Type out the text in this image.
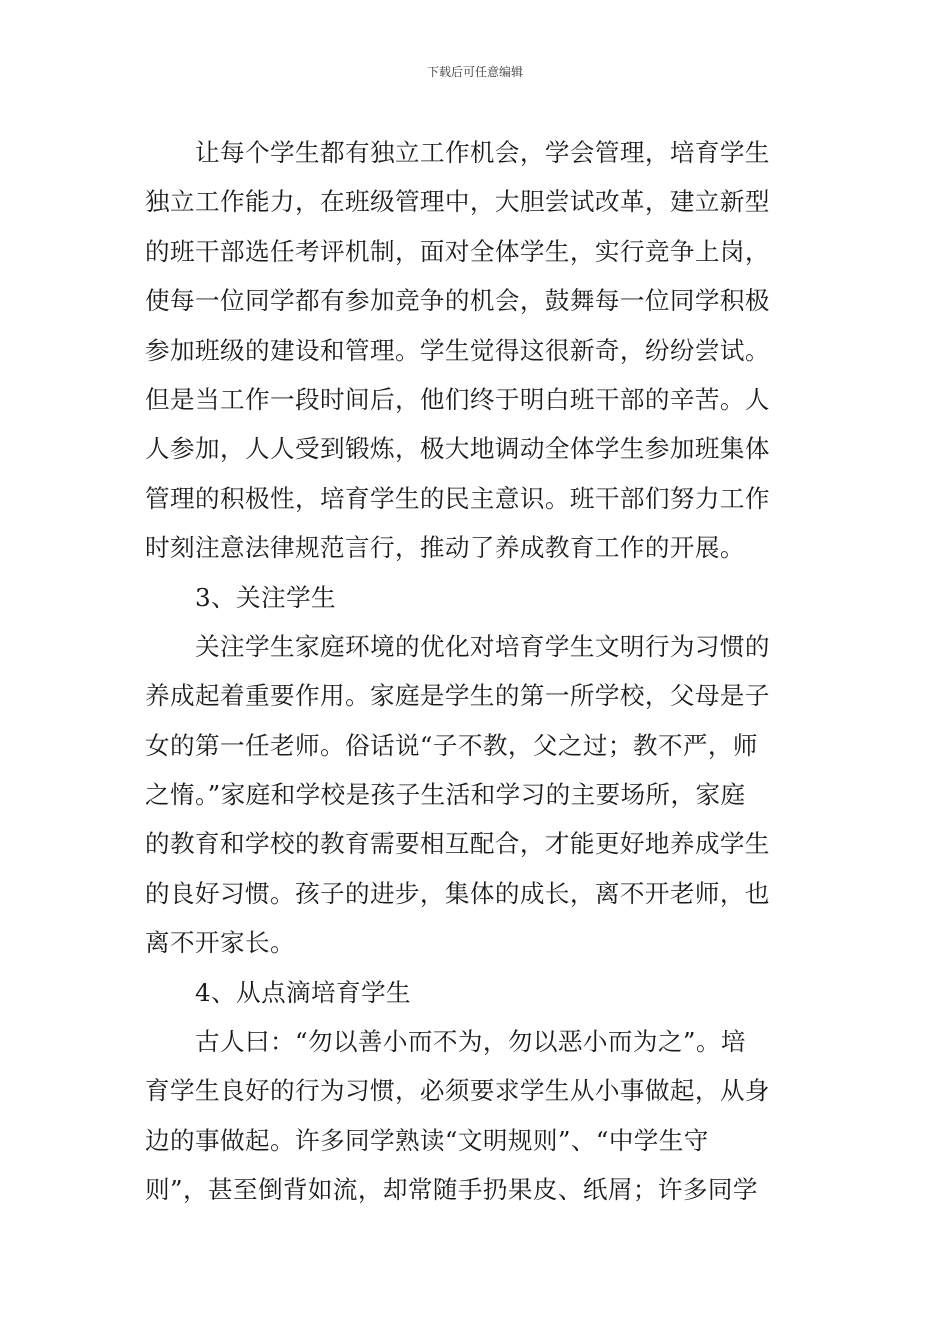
下载后可任意编辑
让每个学生都有独立工作机会，学会管理，培育学生
独立工作能力，在班级管理中，大胆尝试改革，建立新型
的班干部选任考评机制，面对全体学生，实行竞争上岗，
使每一位同学都有参加竞争的机会，鼓舞每一位同学积极
参加班级的建设和管理。学生觉得这很新奇，纷纷尝试。
但是当工作一段时间后，他们终于明白班干部的辛苦。人
人参加，人人受到锻炼，极大地调动全体学生参加班集体
管理的积极性，培育学生的民主意识。班干部们努力工作
时刻注意法律规范言行，推动了养成教育工作的开展。
3、关注学生
关注学生家庭环境的优化对培育学生文明行为习惯的
养成起着重要作用。家庭是学生的第一所学校，父母是子
女的第一任老师。俗话说“子不教，父之过；教不严，师
之惰。”家庭和学校是孩子生活和学习的主要场所，家庭
的教育和学校的教育需要相互配合，才能更好地养成学生
的良好习惯。孩子的进步，集体的成长，离不开老师，也
离不开家长。
4、从点滴培育学生
古人曰：“勿以善小而不为，勿以恶小而为之”。培
育学生良好的行为习惯，必须要求学生从小事做起，从身
边的事做起。许多同学熟读“文明规则”、“中学生守
则”，甚至倒背如流，却常随手扔果皮、纸屑；许多同学
